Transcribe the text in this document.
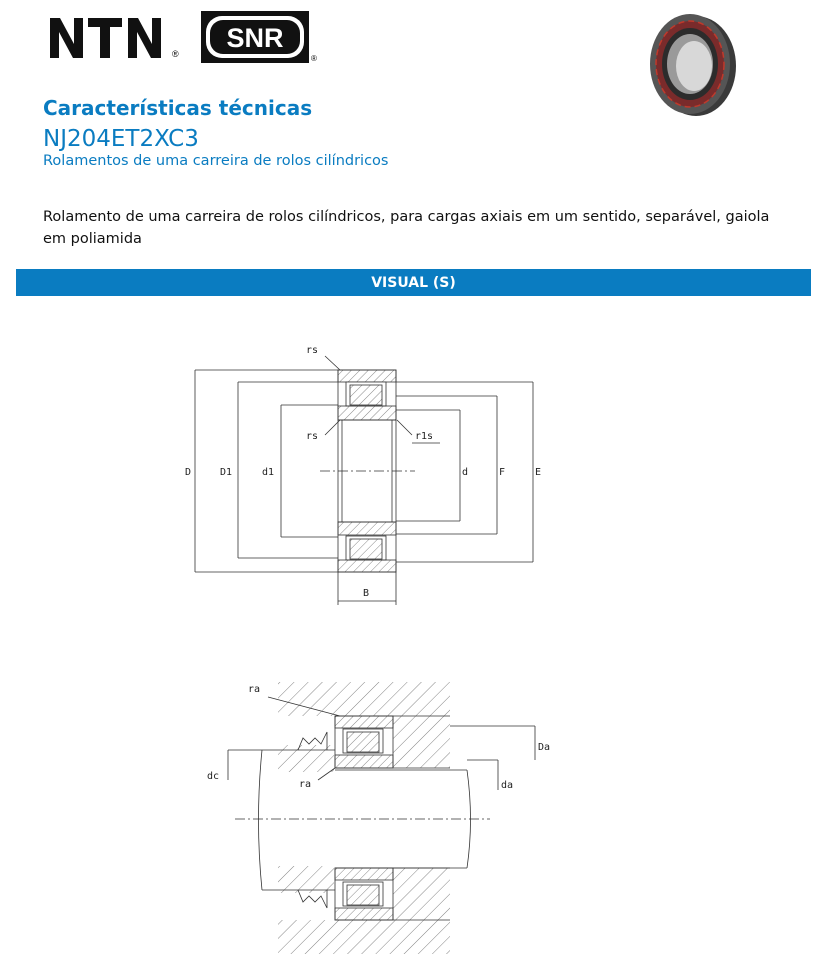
®
SNR
®
Características técnicas
NJ204ET2XC3
Rolamentos de uma carreira de rolos cilíndricos
Rolamento de uma carreira de rolos cilíndricos, para cargas axiais em um sentido, separável, gaiola em poliamida
VISUAL (S)
rs
rs	r1s
D	D1	d1	d	F	E
B
ra
ra
dc
Da
da
